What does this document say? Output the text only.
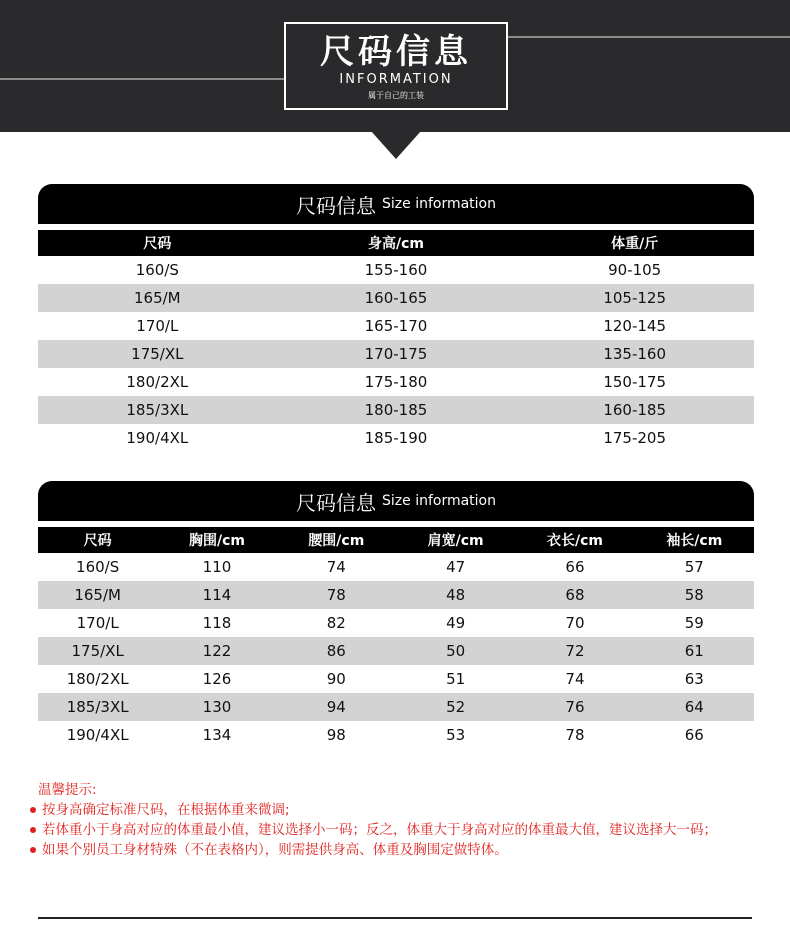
尺码信息
INFORMATION
属于自己的工装
尺码信息 Size information
尺码	身高/cm	体重/斤
160/S	155-160	90-105
165/M	160-165	105-125
170/L	165-170	120-145
175/XL	170-175	135-160
180/2XL	175-180	150-175
185/3XL	180-185	160-185
190/4XL	185-190	175-205
尺码信息 Size information
尺码	胸围/cm	腰围/cm	肩宽/cm	衣长/cm	袖长/cm
160/S	110	74	47	66	57
165/M	114	78	48	68	58
170/L	118	82	49	70	59
175/XL	122	86	50	72	61
180/2XL	126	90	51	74	63
185/3XL	130	94	52	76	64
190/4XL	134	98	53	78	66
温馨提示:
按身高确定标准尺码，在根据体重来微调;
若体重小于身高对应的体重最小值，建议选择小一码；反之，体重大于身高对应的体重最大值，建议选择大一码；
如果个别员工身材特殊（不在表格内），则需提供身高、体重及胸围定做特体。
